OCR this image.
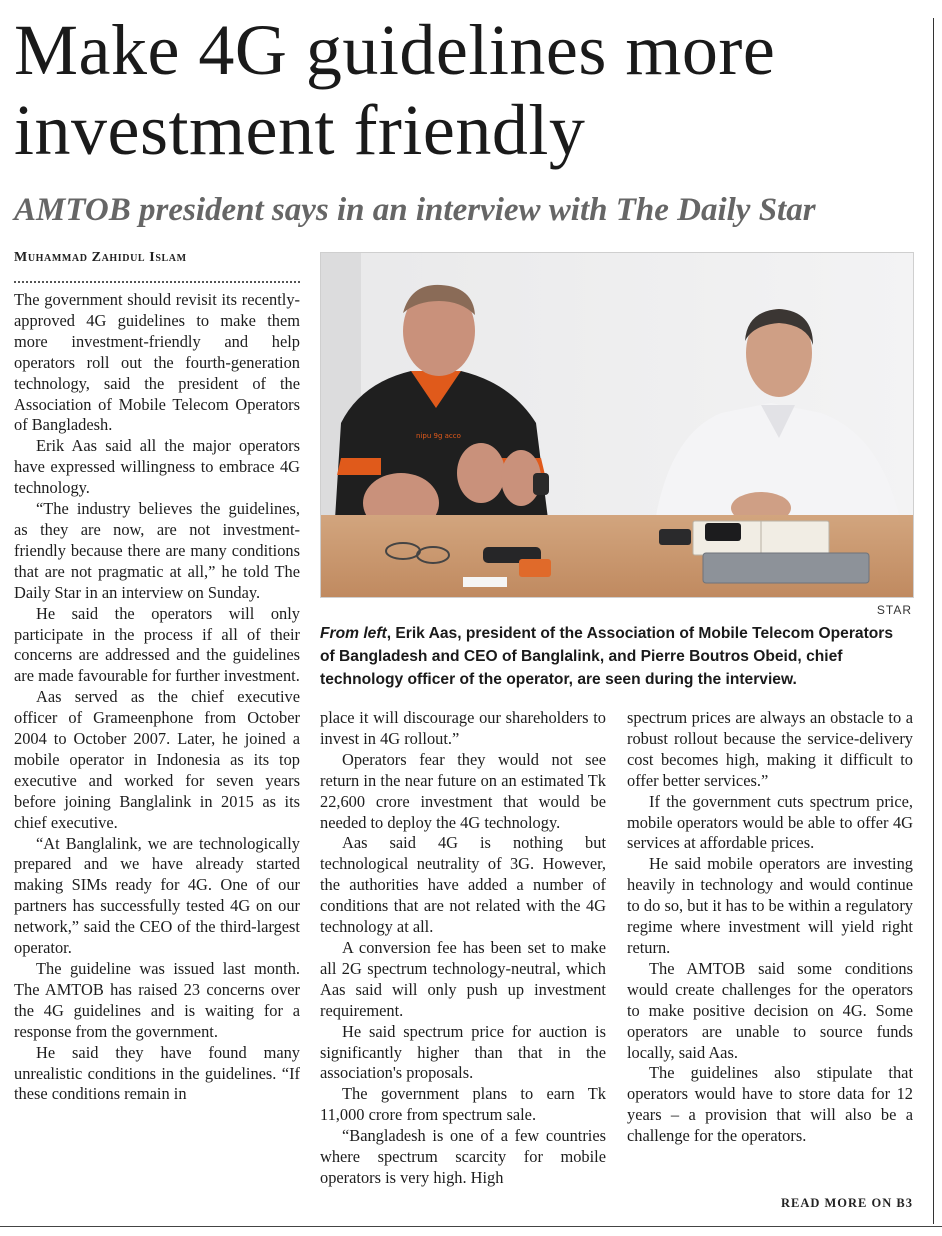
Make 4G guidelines more
investment friendly
AMTOB president says in an interview with The Daily Star
Muhammad Zahidul Islam

The government should revisit its recently-approved 4G guidelines to make them more investment-friendly and help operators roll out the fourth-generation technology, said the president of the Association of Mobile Telecom Operators of Bangladesh.

Erik Aas said all the major operators have expressed willingness to embrace 4G technology.

“The industry believes the guidelines, as they are now, are not investment-friendly because there are many conditions that are not pragmatic at all,” he told The Daily Star in an interview on Sunday.

He said the operators will only participate in the process if all of their concerns are addressed and the guidelines are made favourable for further investment.

Aas served as the chief executive officer of Grameenphone from October 2004 to October 2007. Later, he joined a mobile operator in Indonesia as its top executive and worked for seven years before joining Banglalink in 2015 as its chief executive.

“At Banglalink, we are technologically prepared and we have already started making SIMs ready for 4G. One of our partners has successfully tested 4G on our network,” said the CEO of the third-largest operator.

The guideline was issued last month. The AMTOB has raised 23 concerns over the 4G guidelines and is waiting for a response from the government.

He said they have found many unrealistic conditions in the guidelines. “If these conditions remain in

nipu 9g acco
STAR
From left, Erik Aas, president of the Association of Mobile Telecom Operators of Bangladesh and CEO of Banglalink, and Pierre Boutros Obeid, chief technology officer of the operator, are seen during the interview.

place it will discourage our shareholders to invest in 4G rollout.”

Operators fear they would not see return in the near future on an estimated Tk 22,600 crore investment that would be needed to deploy the 4G technology.

Aas said 4G is nothing but technological neutrality of 3G. However, the authorities have added a number of conditions that are not related with the 4G technology at all.

A conversion fee has been set to make all 2G spectrum technology-neutral, which Aas said will only push up investment requirement.

He said spectrum price for auction is significantly higher than that in the association's proposals.

The government plans to earn Tk 11,000 crore from spectrum sale.

“Bangladesh is one of a few countries where spectrum scarcity for mobile operators is very high. High

spectrum prices are always an obstacle to a robust rollout because the service-delivery cost becomes high, making it difficult to offer better services.”

If the government cuts spectrum price, mobile operators would be able to offer 4G services at affordable prices.

He said mobile operators are investing heavily in technology and would continue to do so, but it has to be within a regulatory regime where investment will yield right return.

The AMTOB said some conditions would create challenges for the operators to make positive decision on 4G. Some operators are unable to source funds locally, said Aas.

The guidelines also stipulate that operators would have to store data for 12 years – a provision that will also be a challenge for the operators.

READ MORE ON B3
